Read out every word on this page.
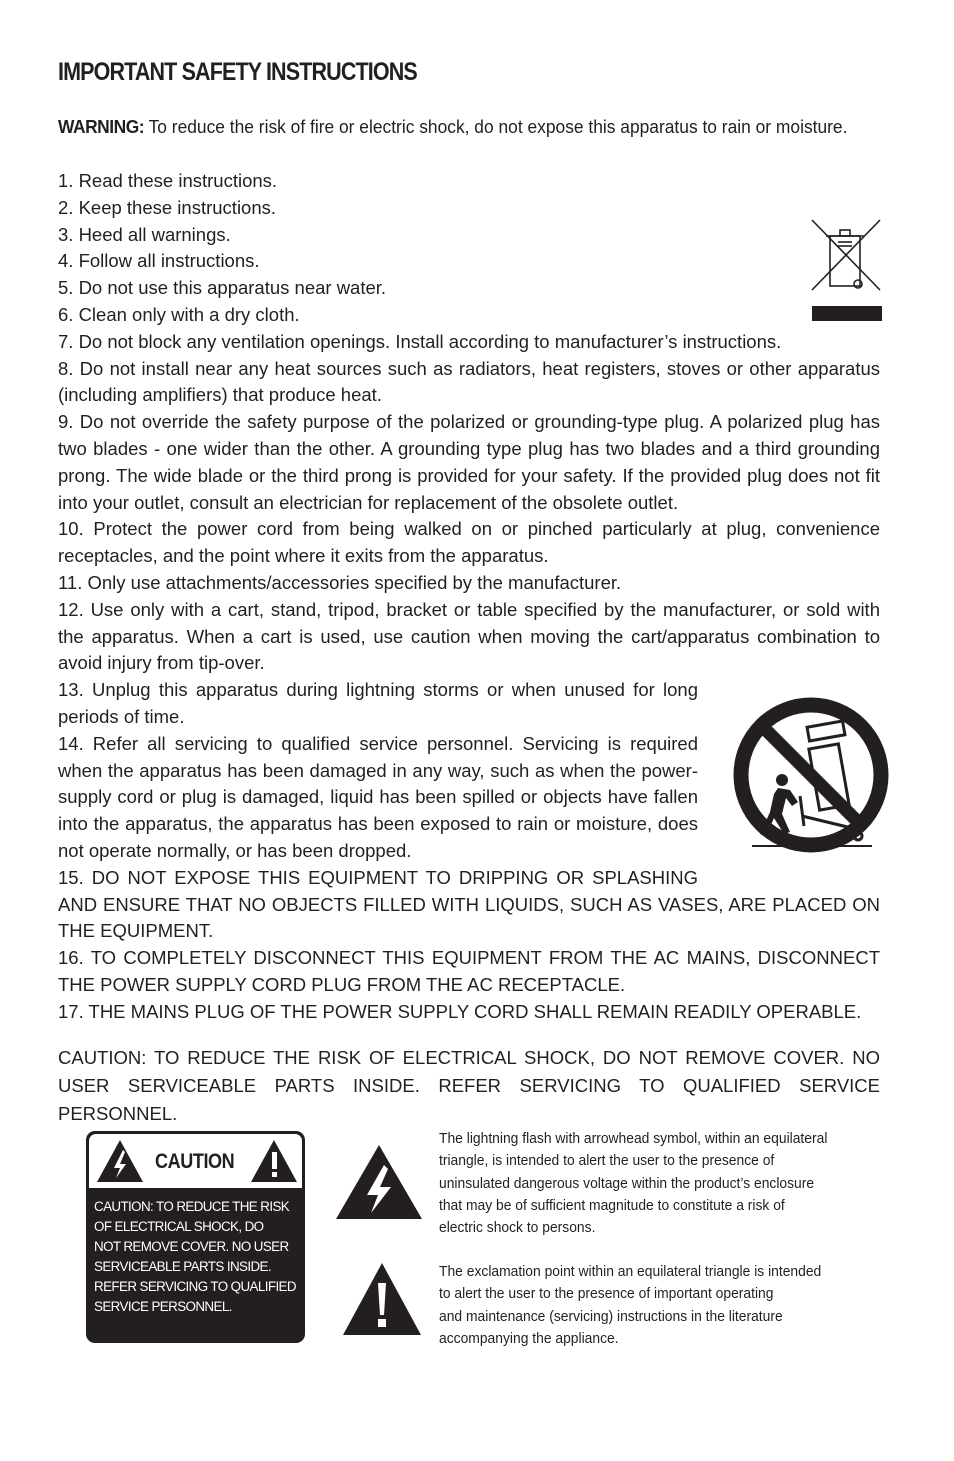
IMPORTANT SAFETY INSTRUCTIONS
WARNING: To reduce the risk of fire or electric shock, do not expose this apparatus to rain or moisture.

1. Read these instructions.

2. Keep these instructions.

3. Heed all warnings.

4. Follow all instructions.

5. Do not use this apparatus near water.

6. Clean only with a dry cloth.

7. Do not block any ventilation openings. Install according to manufacturer’s instructions.

8. Do not install near any heat sources such as radiators, heat registers, stoves or other apparatus (including amplifiers) that produce heat.

9. Do not override the safety purpose of the polarized or grounding-type plug. A polarized plug has two blades - one wider than the other. A grounding type plug has two blades and a third grounding prong. The wide blade or the third prong is provided for your safety. If the provided plug does not fit into your outlet, consult an electrician for replacement of the obsolete outlet.

10. Protect the power cord from being walked on or pinched particularly at plug, convenience receptacles, and the point where it exits from the apparatus.

11. Only use attachments/accessories specified by the manufacturer.

12. Use only with a cart, stand, tripod, bracket or table specified by the manufacturer, or sold with the apparatus. When a cart is used, use caution when moving the cart/apparatus combination to avoid injury from tip-over.

13. Unplug this apparatus during lightning storms or when unused for long periods of time.

14. Refer all servicing to qualified service personnel. Servicing is required when the apparatus has been damaged in any way, such as when the power-supply cord or plug is damaged, liquid has been spilled or objects have fallen into the apparatus, the apparatus has been exposed to rain or moisture, does not operate normally, or has been dropped.

15. DO NOT EXPOSE THIS EQUIPMENT TO DRIPPING OR SPLASHING

AND ENSURE THAT NO OBJECTS FILLED WITH LIQUIDS, SUCH AS VASES, ARE PLACED ON THE EQUIPMENT.

16. TO COMPLETELY DISCONNECT THIS EQUIPMENT FROM THE AC MAINS, DISCONNECT THE POWER SUPPLY CORD PLUG FROM THE AC RECEPTACLE.

17. THE MAINS PLUG OF THE POWER SUPPLY CORD SHALL REMAIN READILY OPERABLE.

CAUTION: TO REDUCE THE RISK OF ELECTRICAL SHOCK, DO NOT REMOVE COVER. NO USER SERVICEABLE PARTS INSIDE. REFER SERVICING TO QUALIFIED SERVICE PERSONNEL.
CAUTION
CAUTION: TO REDUCE THE RISK
OF ELECTRICAL SHOCK, DO
NOT REMOVE COVER. NO USER
SERVICEABLE PARTS INSIDE.
REFER SERVICING TO QUALIFIED
SERVICE PERSONNEL.
The lightning flash with arrowhead symbol, within an equilateral
triangle, is intended to alert the user to the presence of
uninsulated dangerous voltage within the product’s enclosure
that may be of sufficient magnitude to constitute a risk of
electric shock to persons.
The exclamation point within an equilateral triangle is intended
to alert the user to the presence of important operating
and maintenance (servicing) instructions in the literature
accompanying the appliance.
